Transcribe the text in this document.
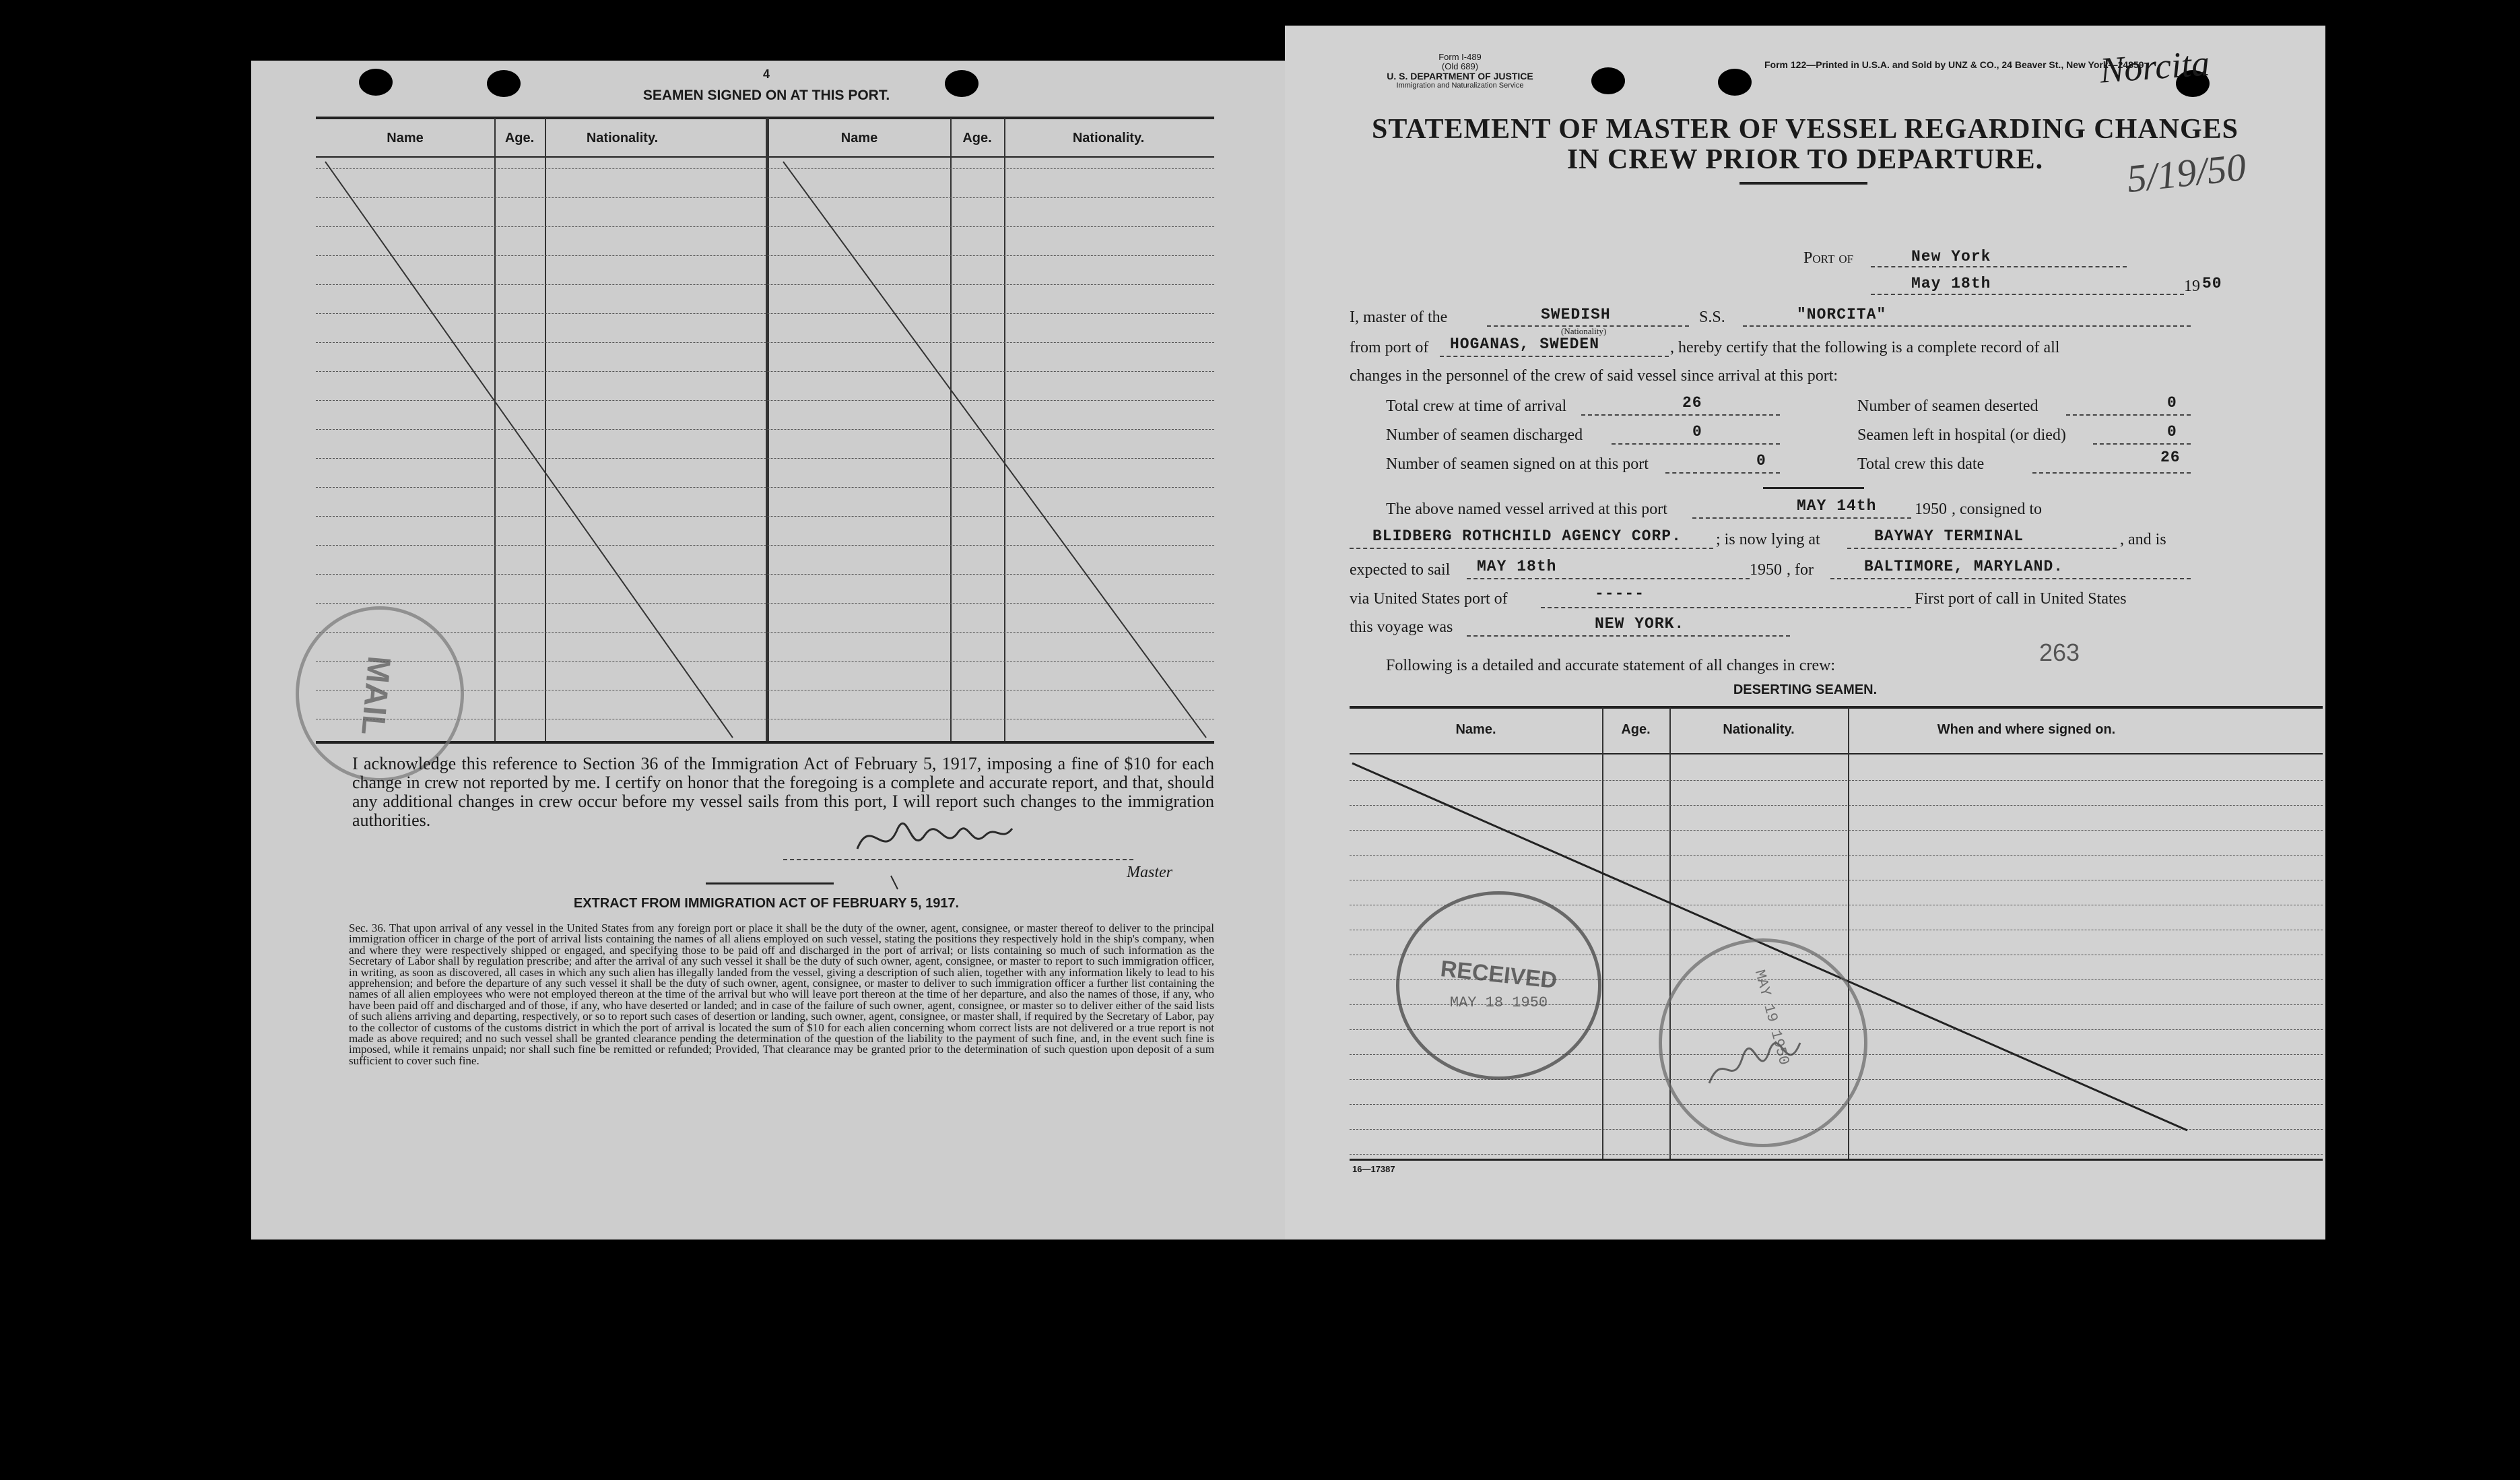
4
SEAMEN SIGNED ON AT THIS PORT.
Name	Age.	Nationality.	Name	Age.	Nationality.
MAIL
I acknowledge this reference to Section 36 of the Immigration Act of February 5, 1917, imposing a fine of $10 for each change in crew not reported by me. I certify on honor that the foregoing is a complete and accurate report, and that, should any additional changes in crew occur before my vessel sails from this port, I will report such changes to the immigration authorities.
Master
EXTRACT FROM IMMIGRATION ACT OF FEBRUARY 5, 1917.
Sec. 36. That upon arrival of any vessel in the United States from any foreign port or place it shall be the duty of the owner, agent, consignee, or master thereof to deliver to the principal immigration officer in charge of the port of arrival lists containing the names of all aliens employed on such vessel, stating the positions they respectively hold in the ship's company, when and where they were respectively shipped or engaged, and specifying those to be paid off and discharged in the port of arrival; or lists containing so much of such information as the Secretary of Labor shall by regulation prescribe; and after the arrival of any such vessel it shall be the duty of such owner, agent, consignee, or master to report to such immigration officer, in writing, as soon as discovered, all cases in which any such alien has illegally landed from the vessel, giving a description of such alien, together with any information likely to lead to his apprehension; and before the departure of any such vessel it shall be the duty of such owner, agent, consignee, or master to deliver to such immigration officer a further list containing the names of all alien employees who were not employed thereon at the time of the arrival but who will leave port thereon at the time of her departure, and also the names of those, if any, who have been paid off and discharged and of those, if any, who have deserted or landed; and in case of the failure of such owner, agent, consignee, or master so to deliver either of the said lists of such aliens arriving and departing, respectively, or so to report such cases of desertion or landing, such owner, agent, consignee, or master shall, if required by the Secretary of Labor, pay to the collector of customs of the customs district in which the port of arrival is located the sum of $10 for each alien concerning whom correct lists are not delivered or a true report is not made as above required; and no such vessel shall be granted clearance pending the determination of the question of the liability to the payment of such fine, and, in the event such fine is imposed, while it remains unpaid; nor shall such fine be remitted or refunded; Provided, That clearance may be granted prior to the determination of such question upon deposit of a sum sufficient to cover such fine.
Form I-489
(Old 689)
U. S. DEPARTMENT OF JUSTICE
Immigration and Naturalization Service
Form 122—Printed in U.S.A. and Sold by UNZ & CO., 24 Beaver St., New York—24859
Norcita
5/19/50
STATEMENT OF MASTER OF VESSEL REGARDING CHANGES
IN CREW PRIOR TO DEPARTURE.
Port of	New York
May 18th	19 50
I, master of the	SWEDISH
(Nationality)
S.S.	"NORCITA"
from port of HOGANAS, SWEDEN	, hereby certify that the following is a complete record of all
changes in the personnel of the crew of said vessel since arrival at this port:
Total crew at time of arrival	26	Number of seamen deserted	0
Number of seamen discharged	0	Seamen left in hospital (or died)	0
Number of seamen signed on at this port	0	Total crew this date	26
The above named vessel arrived at this port	MAY 14th 1950 , consigned to
BLIDBERG ROTHCHILD AGENCY CORP. ; is now lying at	BAYWAY TERMINAL	, and is
expected to sail MAY 18th	1950 , for	BALTIMORE, MARYLAND.
via United States port of	-----	First port of call in United States
this voyage was	NEW YORK.
Following is a detailed and accurate statement of all changes in crew:	263
DESERTING SEAMEN.
Name.	Age.	Nationality.	When and where signed on.
RECEIVED
MAY 18 1950	MAY 19 1950
16—17387
